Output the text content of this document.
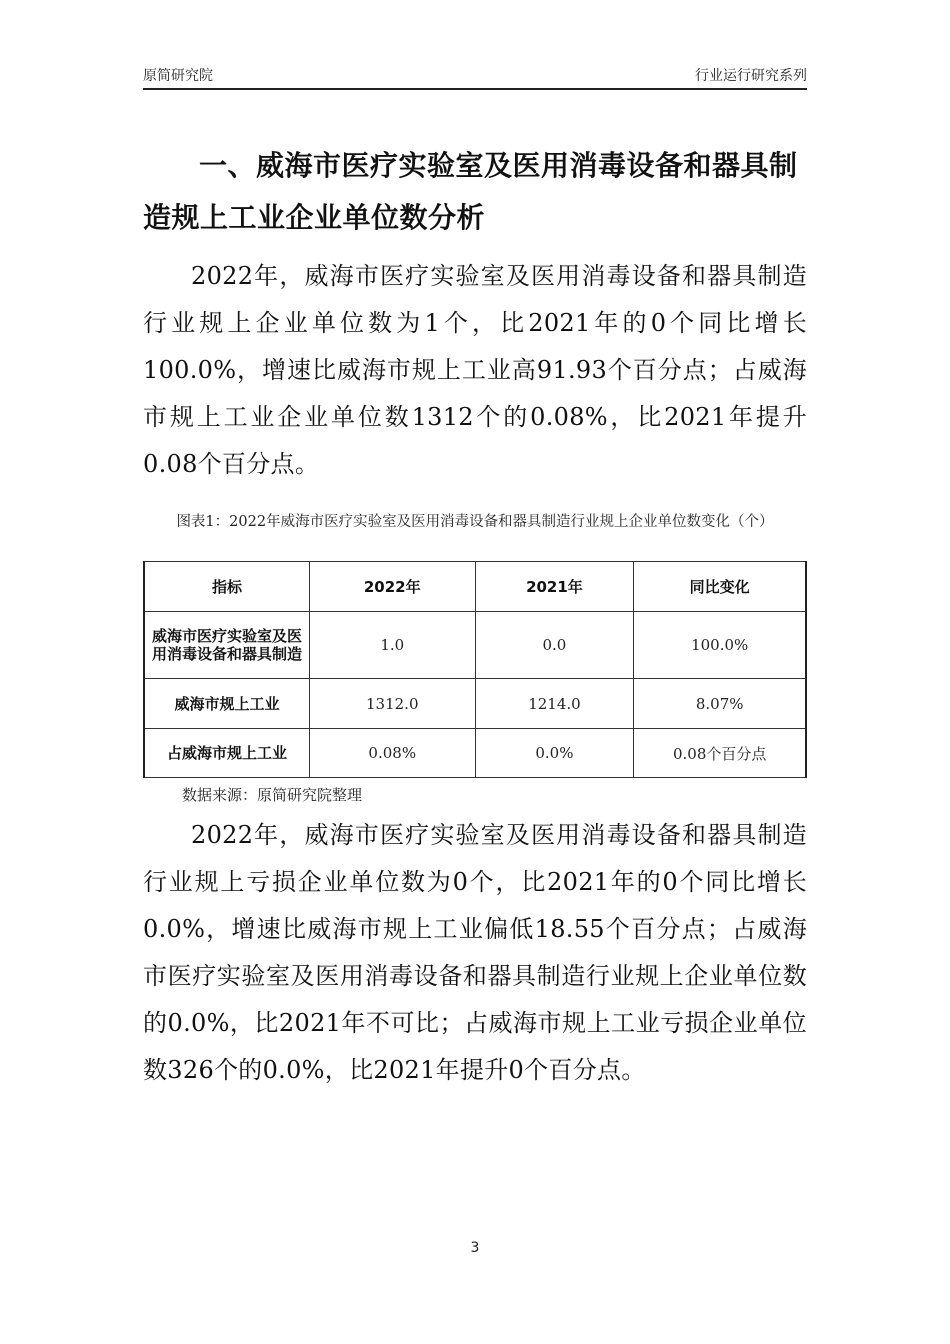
原简研究院	行业运行研究系列
一、威海市医疗实验室及医用消毒设备和器具制造规上工业企业单位数分析
2022年，威海市医疗实验室及医用消毒设备和器具制造行业规上企业单位数为1个，比2021年的0个同比增长100.0%，增速比威海市规上工业高91.93个百分点；占威海市规上工业企业单位数1312个的0.08%，比2021年提升0.08个百分点。
图表1：2022年威海市医疗实验室及医用消毒设备和器具制造行业规上企业单位数变化（个）
指标	2022年	2021年	同比变化
威海市医疗实验室及医用消毒设备和器具制造	1.0	0.0	100.0%
威海市规上工业	1312.0	1214.0	8.07%
占威海市规上工业	0.08%	0.0%	0.08个百分点
数据来源：原简研究院整理
2022年，威海市医疗实验室及医用消毒设备和器具制造行业规上亏损企业单位数为0个，比2021年的0个同比增长0.0%，增速比威海市规上工业偏低18.55个百分点；占威海市医疗实验室及医用消毒设备和器具制造行业规上企业单位数的0.0%，比2021年不可比；占威海市规上工业亏损企业单位数326个的0.0%，比2021年提升0个百分点。
3
